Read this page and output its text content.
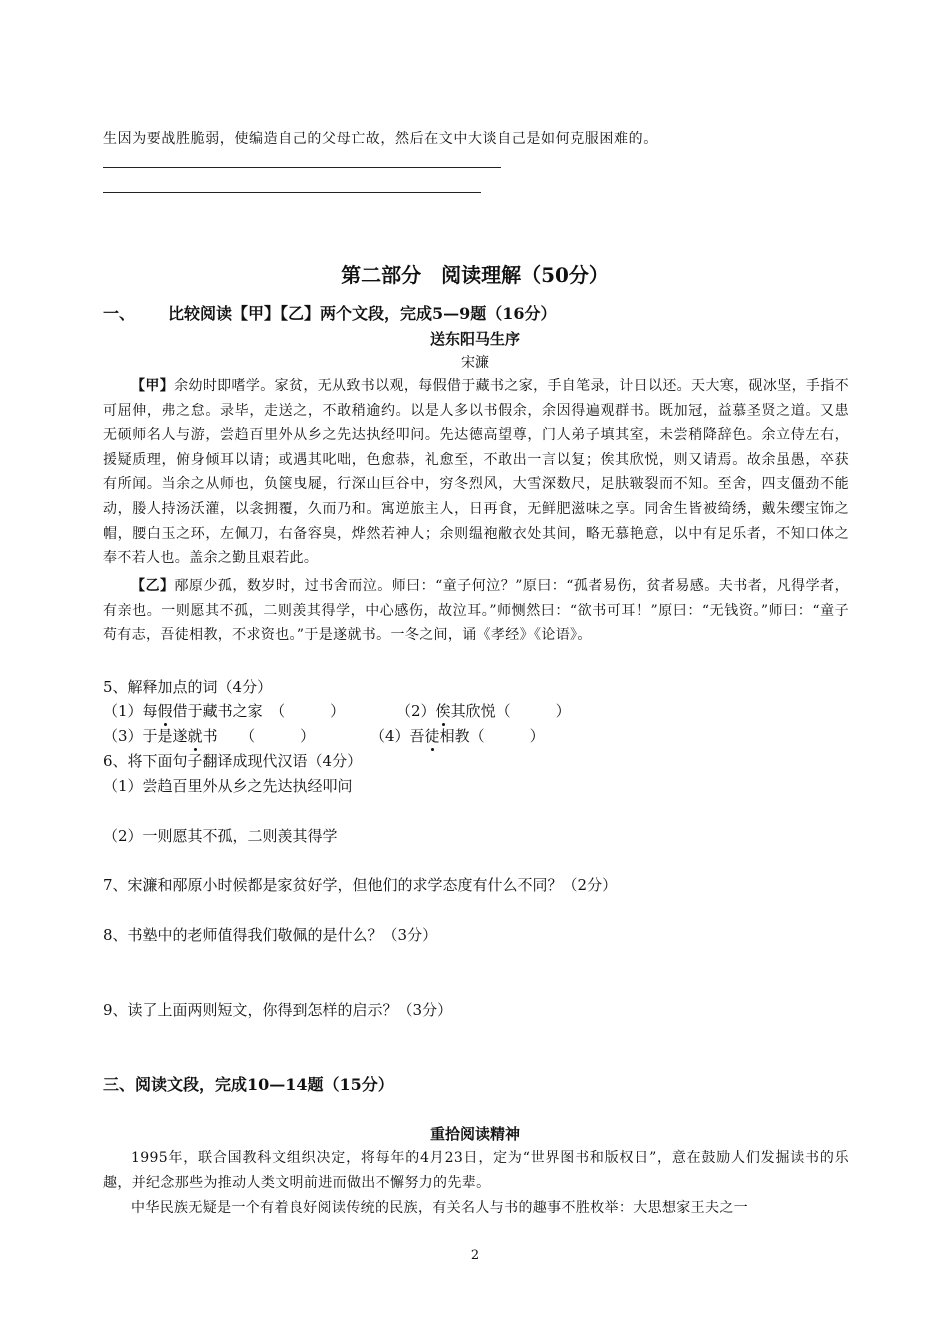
生因为要战胜脆弱，使编造自己的父母亡故，然后在文中大谈自己是如何克服困难的。
第二部分　阅读理解（50分）
一、 比较阅读【甲】【乙】两个文段，完成5—9题（16分）
送东阳马生序
宋濂
【甲】余幼时即嗜学。家贫，无从致书以观，每假借于藏书之家，手自笔录，计日以还。天大寒，砚冰坚，手指不可屈伸，弗之怠。录毕，走送之，不敢稍逾约。以是人多以书假余，余因得遍观群书。既加冠，益慕圣贤之道。又患无硕师名人与游，尝趋百里外从乡之先达执经叩问。先达德高望尊，门人弟子填其室，未尝稍降辞色。余立侍左右，援疑质理，俯身倾耳以请；或遇其叱咄，色愈恭，礼愈至，不敢出一言以复；俟其欣悦，则又请焉。故余虽愚，卒获有所闻。当余之从师也，负箧曳屣，行深山巨谷中，穷冬烈风，大雪深数尺，足肤皲裂而不知。至舍，四支僵劲不能动，媵人持汤沃灌，以衾拥覆，久而乃和。寓逆旅主人，日再食，无鲜肥滋味之享。同舍生皆被绮绣，戴朱缨宝饰之帽，腰白玉之环，左佩刀，右备容臭，烨然若神人；余则缊袍敝衣处其间，略无慕艳意，以中有足乐者，不知口体之奉不若人也。盖余之勤且艰若此。
【乙】邴原少孤，数岁时，过书舍而泣。师曰：“童子何泣？”原曰：“孤者易伤，贫者易感。夫书者，凡得学者，有亲也。一则愿其不孤，二则羡其得学，中心感伤，故泣耳。”师恻然曰：“欲书可耳！”原曰：“无钱资。”师曰：“童子苟有志，吾徒相教，不求资也。”于是遂就书。一冬之间，诵《孝经》《论语》。
5、解释加点的词（4分）
（1）每假借于藏书之家　（　　　）	（2）俟其欣悦（　　　）
（3）于是遂就书　　（　　　）	（4）吾徒相教（　　　）
6、将下面句子翻译成现代汉语（4分）
（1）尝趋百里外从乡之先达执经叩问
（2）一则愿其不孤，二则羡其得学
7、宋濂和邴原小时候都是家贫好学，但他们的求学态度有什么不同？（2分）
8、书塾中的老师值得我们敬佩的是什么？（3分）
9、读了上面两则短文，你得到怎样的启示？（3分）
三、阅读文段，完成10—14题（15分）
重拾阅读精神
1995年，联合国教科文组织决定，将每年的4月23日，定为“世界图书和版权日”，意在鼓励人们发掘读书的乐趣，并纪念那些为推动人类文明前进而做出不懈努力的先辈。
中华民族无疑是一个有着良好阅读传统的民族，有关名人与书的趣事不胜枚举：大思想家王夫之一
2
